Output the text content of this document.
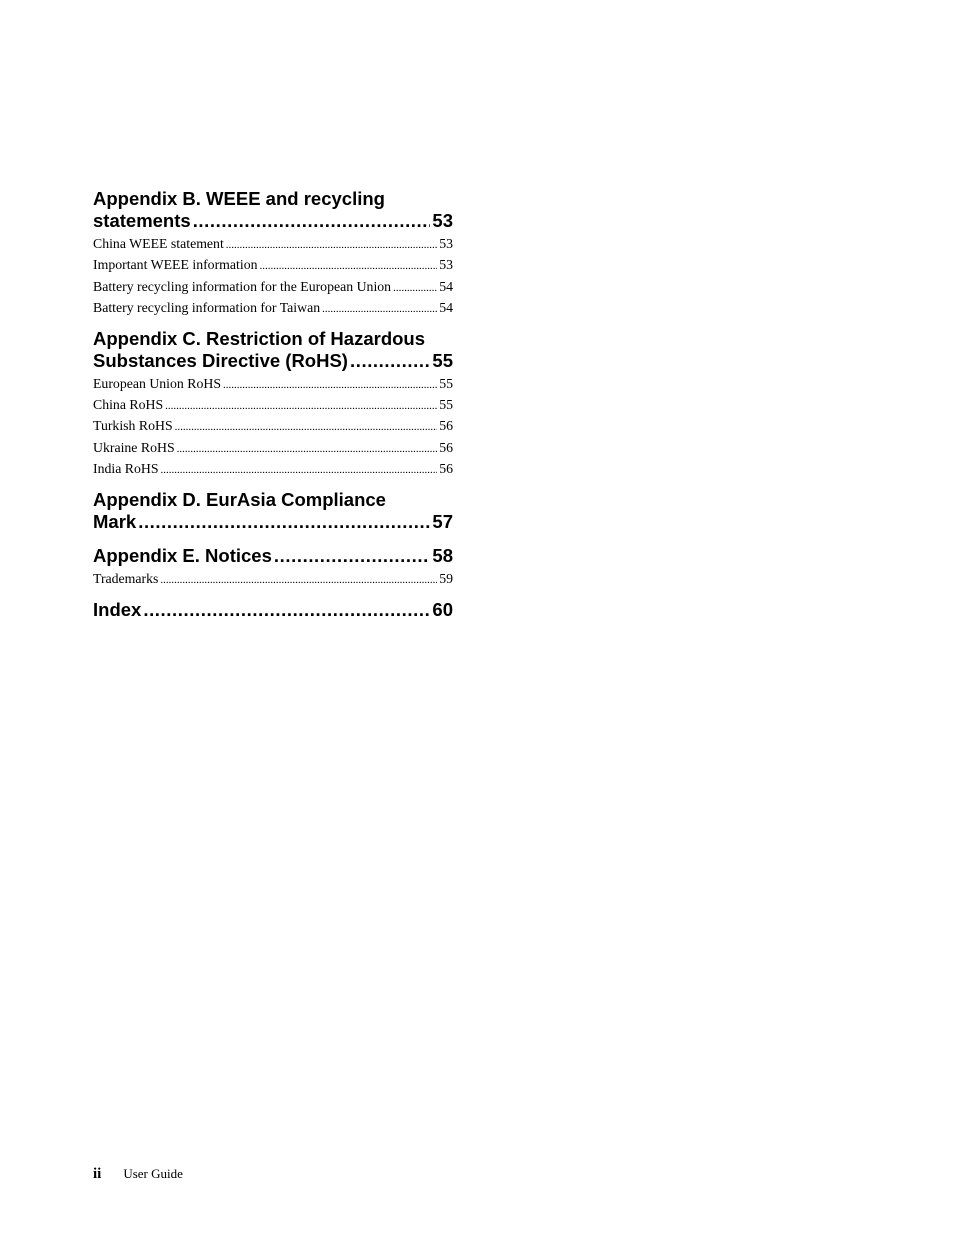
Appendix B. WEEE and recycling
statements .....	53
China WEEE statement .....	53
Important WEEE information .....	53
Battery recycling information for the European Union .....	54
Battery recycling information for Taiwan .....	54
Appendix C. Restriction of Hazardous
Substances Directive (RoHS) .....	55
European Union RoHS .....	55
China RoHS .....	55
Turkish RoHS .....	56
Ukraine RoHS .....	56
India RoHS .....	56
Appendix D. EurAsia Compliance
Mark .....	57
Appendix E. Notices .....	58
Trademarks .....	59
Index .....	60
ii User Guide
